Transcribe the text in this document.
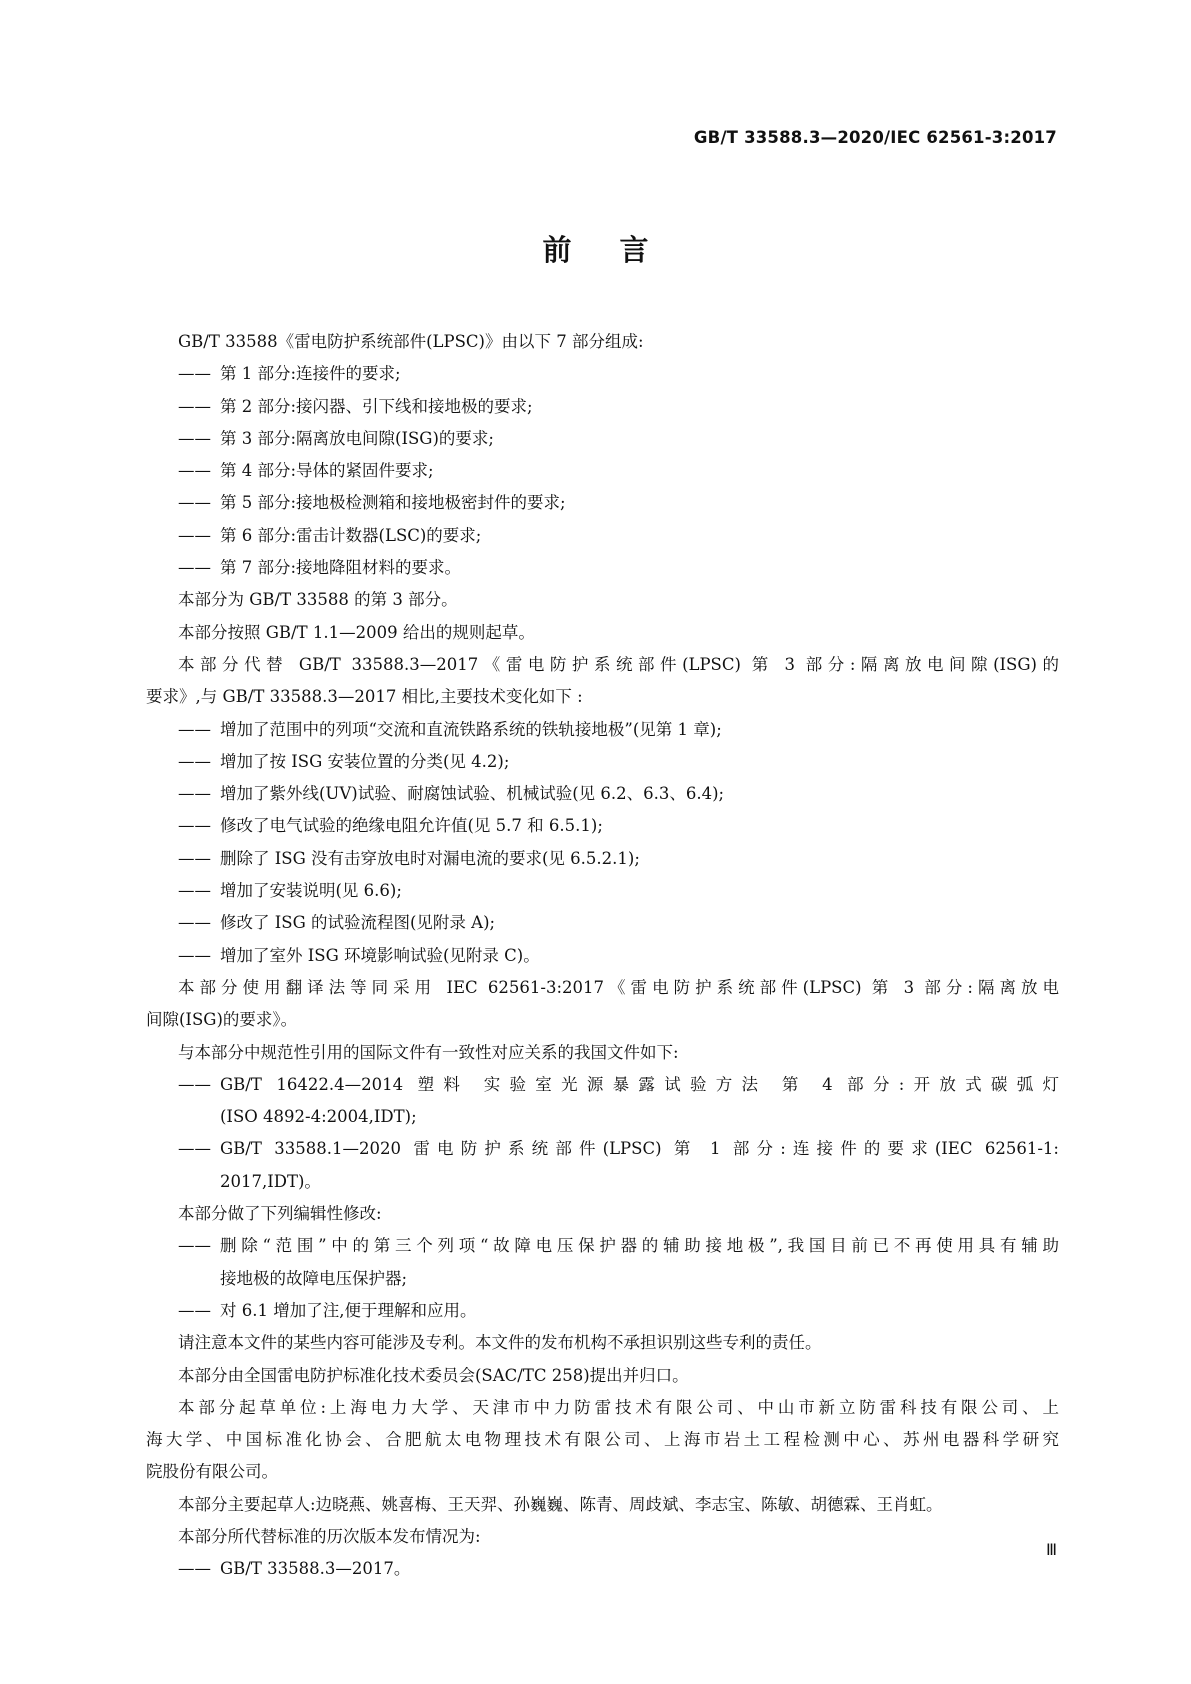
GB/T 33588.3—2020/IEC 62561-3:2017
前言

GB/T 33588《雷电防护系统部件(LPSC)》由以下 7 部分组成:

—— 第 1 部分:连接件的要求;
—— 第 2 部分:接闪器、引下线和接地极的要求;
—— 第 3 部分:隔离放电间隙(ISG)的要求;
—— 第 4 部分:导体的紧固件要求;
—— 第 5 部分:接地极检测箱和接地极密封件的要求;
—— 第 6 部分:雷击计数器(LSC)的要求;
—— 第 7 部分:接地降阻材料的要求。

本部分为 GB/T 33588 的第 3 部分。

本部分按照 GB/T 1.1—2009 给出的规则起草。

本部分代替 GB/T 33588.3—2017《雷电防护系统部件(LPSC) 第 3 部分:隔离放电间隙(ISG)的

要求》,与 GB/T 33588.3—2017 相比,主要技术变化如下 :

—— 增加了范围中的列项“交流和直流铁路系统的铁轨接地极”(见第 1 章);
—— 增加了按 ISG 安装位置的分类(见 4.2);
—— 增加了紫外线(UV)试验、耐腐蚀试验、机械试验(见 6.2、6.3、6.4);
—— 修改了电气试验的绝缘电阻允许值(见 5.7 和 6.5.1);
—— 删除了 ISG 没有击穿放电时对漏电流的要求(见 6.5.2.1);
—— 增加了安装说明(见 6.6);
—— 修改了 ISG 的试验流程图(见附录 A);
—— 增加了室外 ISG 环境影响试验(见附录 C)。

本部分使用翻译法等同采用 IEC 62561-3:2017《雷电防护系统部件(LPSC) 第 3 部分:隔离放电

间隙(ISG)的要求》。

与本部分中规范性引用的国际文件有一致性对应关系的我国文件如下:

—— GB/T 16422.4—2014 塑料 实验室光源暴露试验方法 第 4 部分:开放式碳弧灯
(ISO 4892-4:2004,IDT);
—— GB/T 33588.1—2020 雷电防护系统部件(LPSC) 第 1 部分:连接件的要求(IEC 62561-1:
2017,IDT)。

本部分做了下列编辑性修改:

—— 删除“范围”中的第三个列项“故障电压保护器的辅助接地极”,我国目前已不再使用具有辅助
接地极的故障电压保护器;
—— 对 6.1 增加了注,便于理解和应用。

请注意本文件的某些内容可能涉及专利。本文件的发布机构不承担识别这些专利的责任。

本部分由全国雷电防护标准化技术委员会(SAC/TC 258)提出并归口。

本部分起草单位:上海电力大学、天津市中力防雷技术有限公司、中山市新立防雷科技有限公司、上

海大学、中国标准化协会、合肥航太电物理技术有限公司、上海市岩土工程检测中心、苏州电器科学研究

院股份有限公司。

本部分主要起草人:边晓燕、姚喜梅、王天羿、孙巍巍、陈青、周歧斌、李志宝、陈敏、胡德霖、王肖虹。

本部分所代替标准的历次版本发布情况为:

—— GB/T 33588.3—2017。
Ⅲ
